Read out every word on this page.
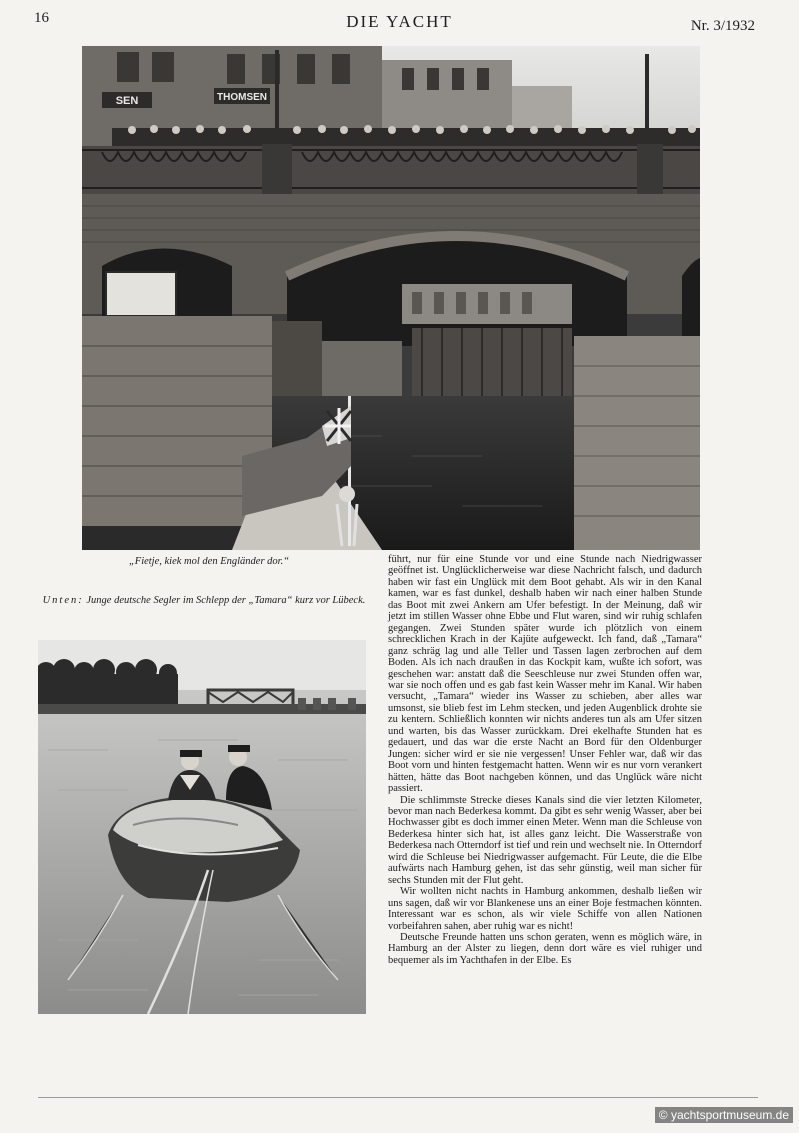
16	DIE YACHT	Nr. 3/1932
SEN	THOMSEN
„Fietje, kiek mol den Engländer dor.“
Unten: Junge deutsche Segler im Schlepp der „Tamara“ kurz vor Lübeck.

führt, nur für eine Stunde vor und eine Stunde nach Niedrigwasser geöffnet ist. Unglücklicherweise war diese Nachricht falsch, und dadurch haben wir fast ein Unglück mit dem Boot gehabt. Als wir in den Kanal kamen, war es fast dunkel, deshalb haben wir nach einer halben Stunde das Boot mit zwei Ankern am Ufer befestigt. In der Meinung, daß wir jetzt im stillen Wasser ohne Ebbe und Flut waren, sind wir ruhig schlafen gegangen. Zwei Stunden später wurde ich plötzlich von einem schrecklichen Krach in der Kajüte aufgeweckt. Ich fand, daß „Tamara“ ganz schräg lag und alle Teller und Tassen lagen zerbrochen auf dem Boden. Als ich nach draußen in das Kockpit kam, wußte ich sofort, was geschehen war: anstatt daß die Seeschleuse nur zwei Stunden offen war, war sie noch offen und es gab fast kein Wasser mehr im Kanal. Wir haben versucht, „Tamara“ wieder ins Wasser zu schieben, aber alles war umsonst, sie blieb fest im Lehm stecken, und jeden Augenblick drohte sie zu kentern. Schließlich konnten wir nichts anderes tun als am Ufer sitzen und warten, bis das Wasser zurückkam. Drei ekelhafte Stunden hat es gedauert, und das war die erste Nacht an Bord für den Oldenburger Jungen: sicher wird er sie nie vergessen! Unser Fehler war, daß wir das Boot vorn und hinten festgemacht hatten. Wenn wir es nur vorn verankert hätten, hätte das Boot nachgeben können, und das Unglück wäre nicht passiert.

Die schlimmste Strecke dieses Kanals sind die vier letzten Kilometer, bevor man nach Bederkesa kommt. Da gibt es sehr wenig Wasser, aber bei Hochwasser gibt es doch immer einen Meter. Wenn man die Schleuse von Bederkesa hinter sich hat, ist alles ganz leicht. Die Wasserstraße von Bederkesa nach Otterndorf ist tief und rein und wechselt nie. In Otterndorf wird die Schleuse bei Niedrigwasser aufgemacht. Für Leute, die die Elbe aufwärts nach Hamburg gehen, ist das sehr günstig, weil man sicher für sechs Stunden mit der Flut geht.

Wir wollten nicht nachts in Hamburg ankommen, deshalb ließen wir uns sagen, daß wir vor Blankenese uns an einer Boje festmachen könnten. Interessant war es schon, als wir viele Schiffe von allen Nationen vorbeifahren sahen, aber ruhig war es nicht!

Deutsche Freunde hatten uns schon geraten, wenn es möglich wäre, in Hamburg an der Alster zu liegen, denn dort wäre es viel ruhiger und bequemer als im Yachthafen in der Elbe. Es

© yachtsportmuseum.de
